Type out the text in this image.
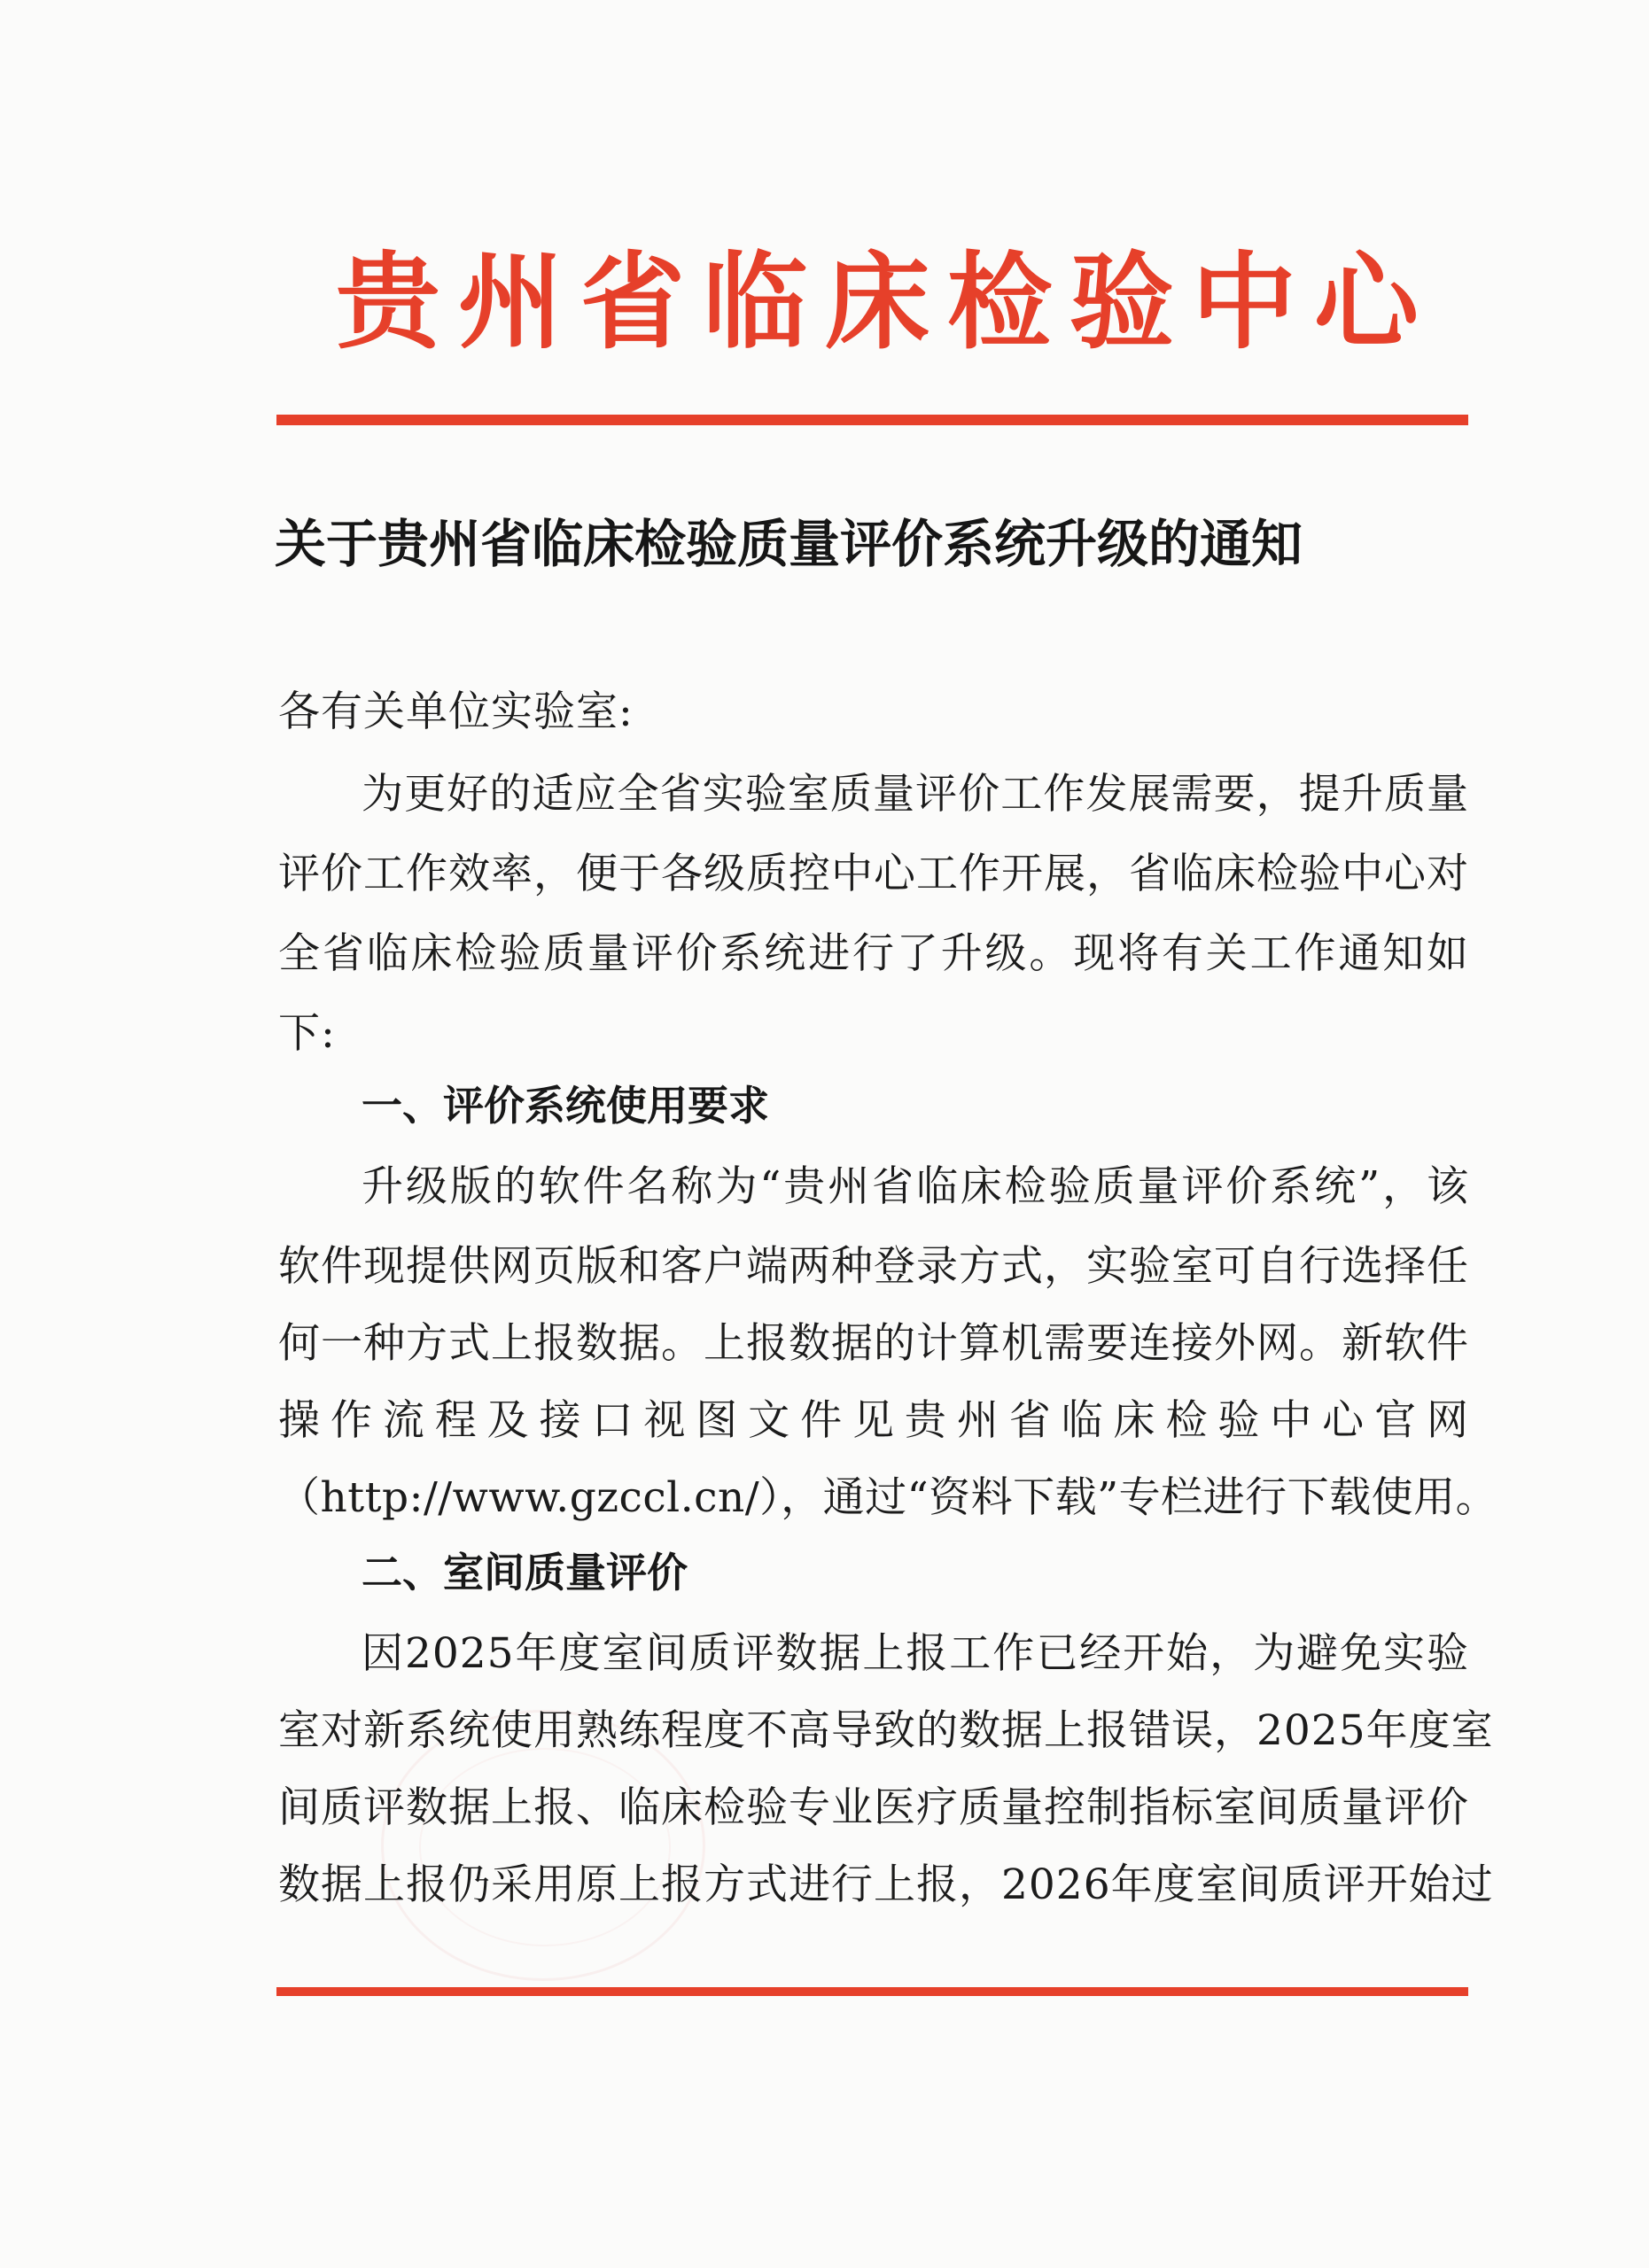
贵州省临床检验中心
关于贵州省临床检验质量评价系统升级的通知
各有关单位实验室:
为更好的适应全省实验室质量评价工作发展需要，提升质量
评价工作效率，便于各级质控中心工作开展，省临床检验中心对
全省临床检验质量评价系统进行了升级。现将有关工作通知如
下:
一、评价系统使用要求
升级版的软件名称为“贵州省临床检验质量评价系统”，该
软件现提供网页版和客户端两种登录方式，实验室可自行选择任
何一种方式上报数据。上报数据的计算机需要连接外网。新软件
操作流程及接口视图文件见贵州省临床检验中心官网
（http://www.gzccl.cn/），通过“资料下载”专栏进行下载使用。
二、室间质量评价
因2025年度室间质评数据上报工作已经开始，为避免实验
室对新系统使用熟练程度不高导致的数据上报错误，2025年度室
间质评数据上报、临床检验专业医疗质量控制指标室间质量评价
数据上报仍采用原上报方式进行上报，2026年度室间质评开始过
